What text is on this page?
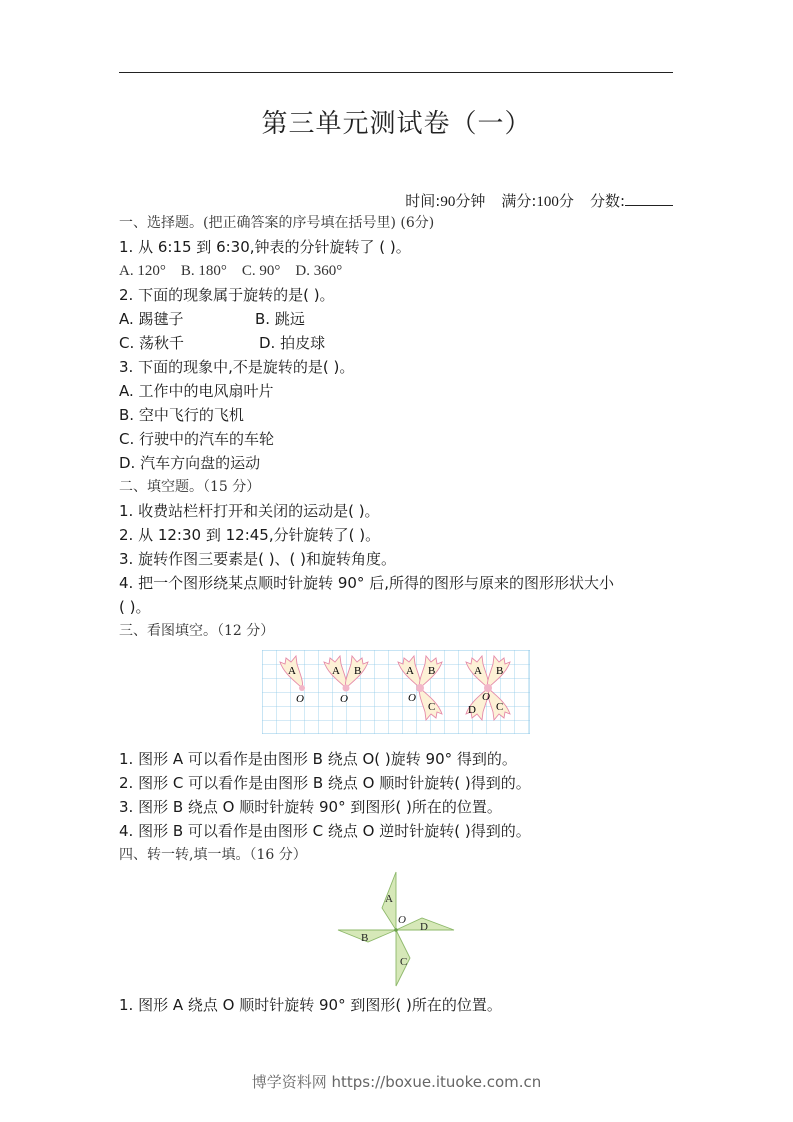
第三单元测试卷（一）
时间:90分钟 满分:100分 分数:
一、选择题。(把正确答案的序号填在括号里) (6分)
1. 从 6:15 到 6:30,钟表的分针旋转了 ( )。
A. 120° B. 180° C. 90° D. 360°
2. 下面的现象属于旋转的是( )。
A. 踢毽子	B. 跳远
C. 荡秋千	D. 拍皮球
3. 下面的现象中,不是旋转的是( )。
A. 工作中的电风扇叶片
B. 空中飞行的飞机
C. 行驶中的汽车的车轮
D. 汽车方向盘的运动
二、填空题。（15 分）
1. 收费站栏杆打开和关闭的运动是( )。
2. 从 12:30 到 12:45,分针旋转了( )。
3. 旋转作图三要素是( )、( )和旋转角度。
4. 把一个图形绕某点顺时针旋转 90° 后,所得的图形与原来的图形形状大小
( )。
三、看图填空。（12 分）
A
O
A B
O
A B
C
O
A B
C
D
O
1. 图形 A 可以看作是由图形 B 绕点 O( )旋转 90° 得到的。
2. 图形 C 可以看作是由图形 B 绕点 O 顺时针旋转( )得到的。
3. 图形 B 绕点 O 顺时针旋转 90° 到图形( )所在的位置。
4. 图形 B 可以看作是由图形 C 绕点 O 逆时针旋转( )得到的。
四、转一转,填一填。（16 分）
A
D
C
B
O
1. 图形 A 绕点 O 顺时针旋转 90° 到图形( )所在的位置。
博学资料网 https://boxue.ituoke.com.cn
